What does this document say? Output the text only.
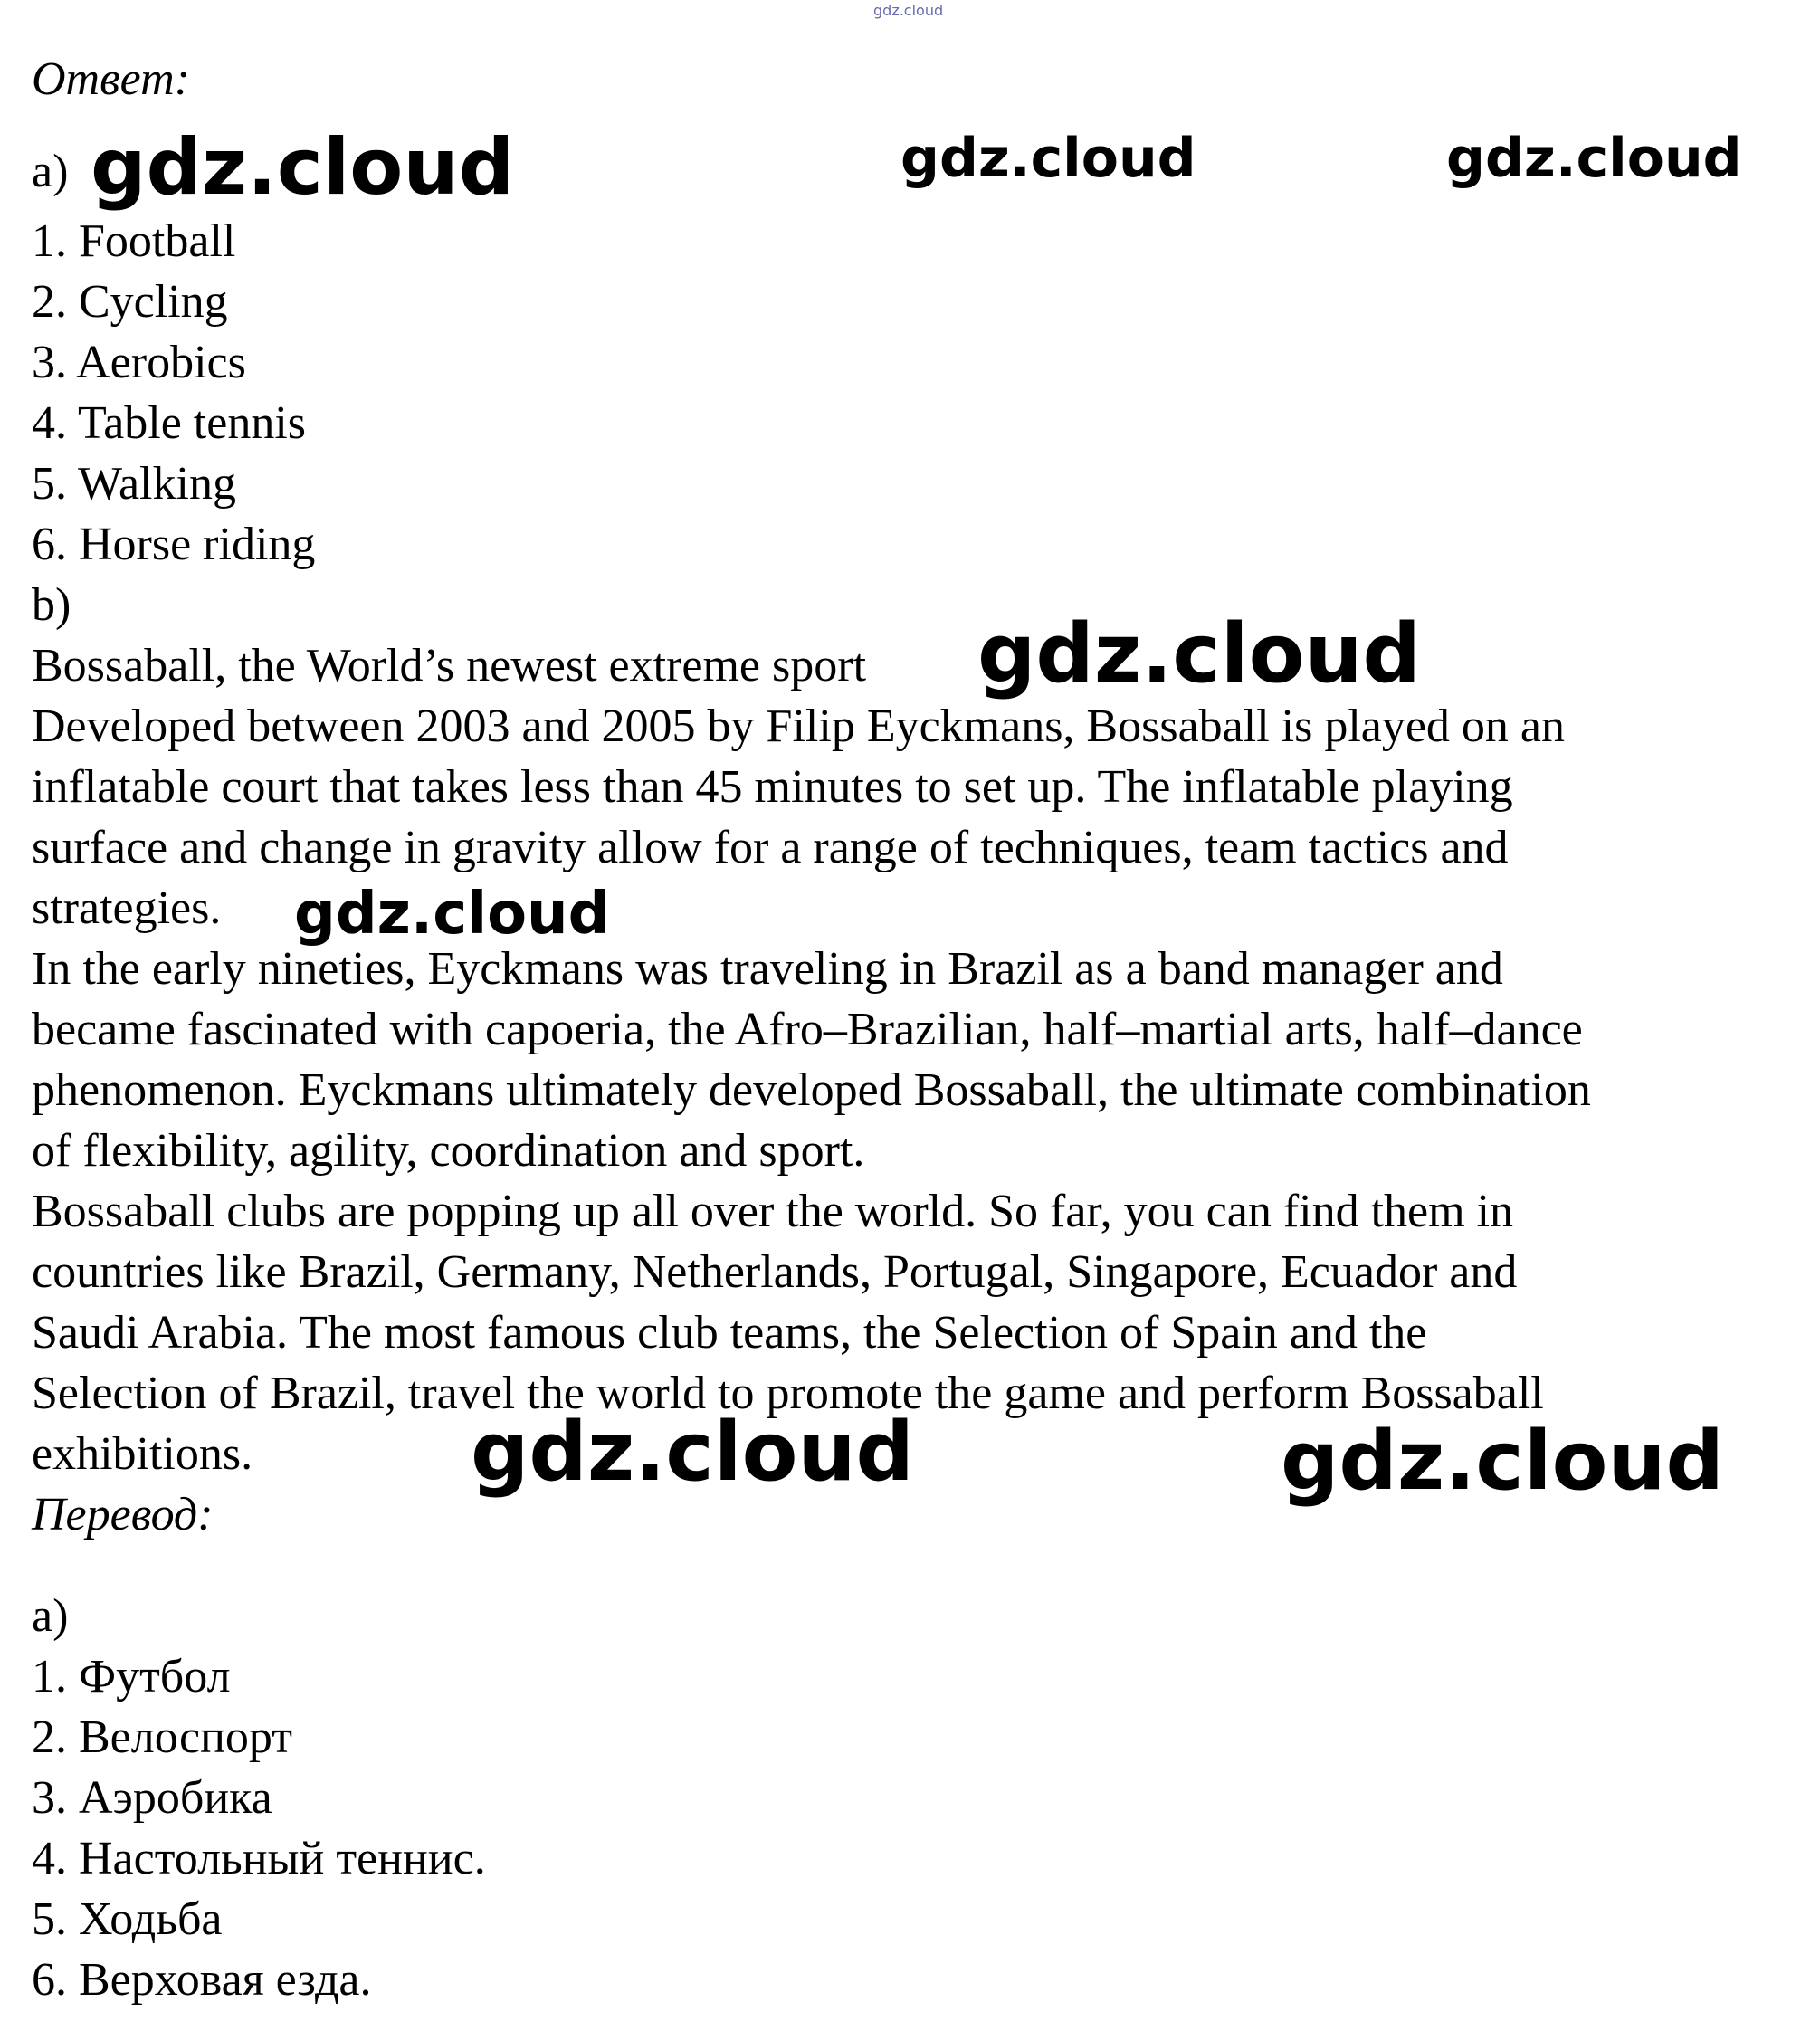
gdz.cloud
Ответ:
a) gdz.cloud	gdz.cloud	gdz.cloud
1. Football
2. Cycling
3. Aerobics
4. Table tennis
5. Walking
6. Horse riding
b)
Bossaball, the World’s newest extreme sport gdz.cloud
Developed between 2003 and 2005 by Filip Eyckmans, Bossaball is played on an
inflatable court that takes less than 45 minutes to set up. The inflatable playing
surface and change in gravity allow for a range of techniques, team tactics and
strategies. gdz.cloud
In the early nineties, Eyckmans was traveling in Brazil as a band manager and
became fascinated with capoeria, the Afro–Brazilian, half–martial arts, half–dance
phenomenon. Eyckmans ultimately developed Bossaball, the ultimate combination
of flexibility, agility, coordination and sport.
Bossaball clubs are popping up all over the world. So far, you can find them in
countries like Brazil, Germany, Netherlands, Portugal, Singapore, Ecuador and
Saudi Arabia. The most famous club teams, the Selection of Spain and the
Selection of Brazil, travel the world to promote the game and perform Bossaball
exhibitions.	gdz.cloud	gdz.cloud
Перевод:
a)
1. Футбол
2. Велоспорт
3. Аэробика
4. Настольный теннис.
5. Ходьба
6. Верховая езда.
